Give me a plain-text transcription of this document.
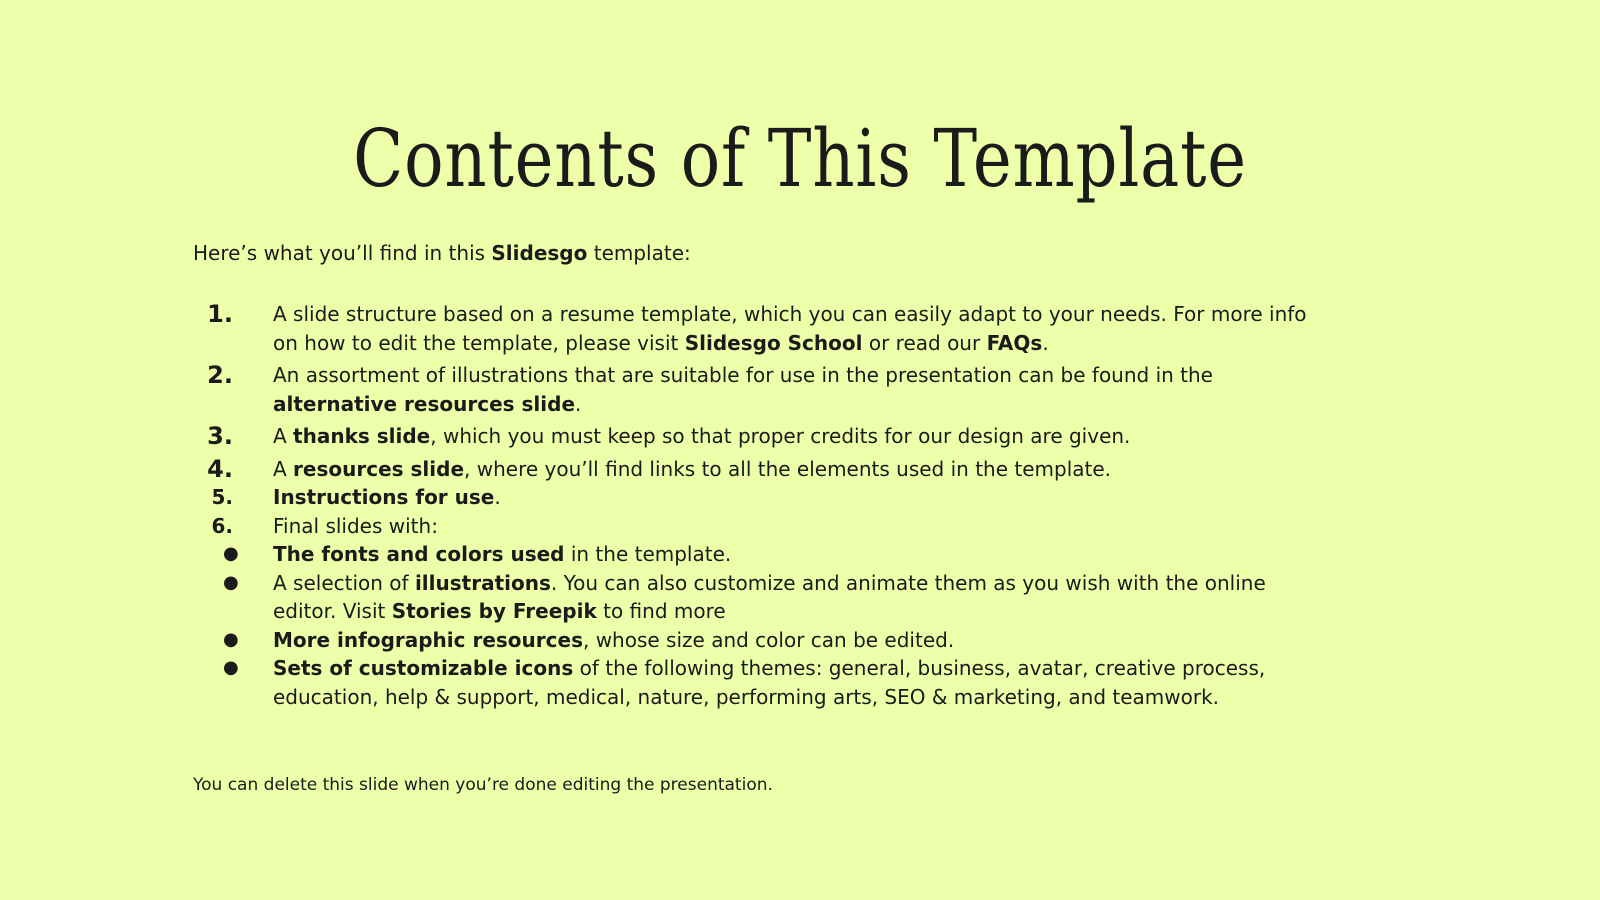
Contents of This Template

Here’s what you’ll find in this Slidesgo template:

1. A slide structure based on a resume template, which you can easily adapt to your needs. For more info on how to edit the template, please visit Slidesgo School or read our FAQs.
2. An assortment of illustrations that are suitable for use in the presentation can be found in the alternative resources slide.
3. A thanks slide, which you must keep so that proper credits for our design are given.
4. A resources slide, where you’ll find links to all the elements used in the template.
5. Instructions for use.
6. Final slides with:
● The fonts and colors used in the template.
● A selection of illustrations. You can also customize and animate them as you wish with the online editor. Visit Stories by Freepik to find more
● More infographic resources, whose size and color can be edited.
● Sets of customizable icons of the following themes: general, business, avatar, creative process, education, help & support, medical, nature, performing arts, SEO & marketing, and teamwork.

You can delete this slide when you’re done editing the presentation.
